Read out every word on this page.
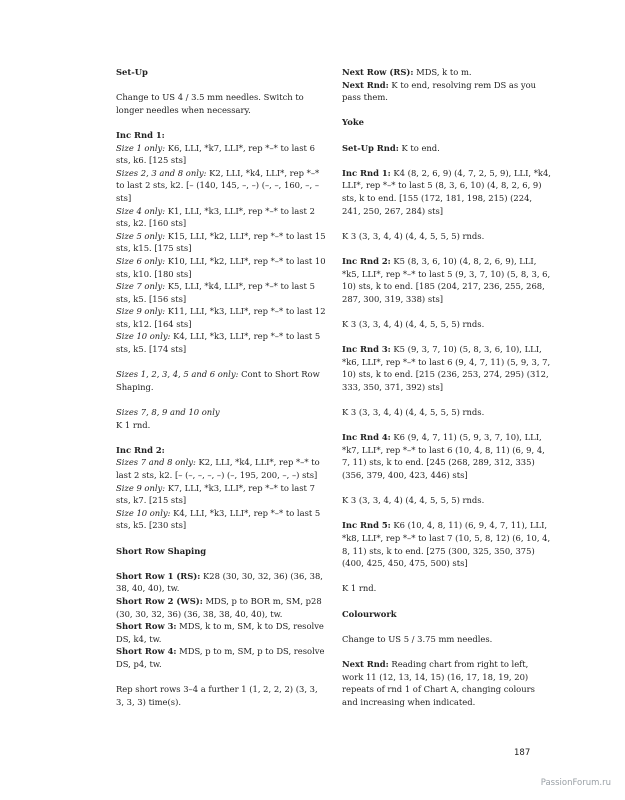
Set-Up

Change to US 4 / 3.5 mm needles. Switch to longer needles when necessary.

Inc Rnd 1:

Size 1 only: K6, LLI, *k7, LLI*, rep *–* to last 6 sts, k6. [125 sts]
Sizes 2, 3 and 8 only: K2, LLI, *k4, LLI*, rep *–* to last 2 sts, k2. [– (140, 145, –, –) (–, –, 160, –, – sts]
Size 4 only: K1, LLI, *k3, LLI*, rep *–* to last 2 sts, k2. [160 sts]
Size 5 only: K15, LLI, *k2, LLI*, rep *–* to last 15 sts, k15. [175 sts]
Size 6 only: K10, LLI, *k2, LLI*, rep *–* to last 10 sts, k10. [180 sts]
Size 7 only: K5, LLI, *k4, LLI*, rep *–* to last 5 sts, k5. [156 sts]
Size 9 only: K11, LLI, *k3, LLI*, rep *–* to last 12 sts, k12. [164 sts]
Size 10 only: K4, LLI, *k3, LLI*, rep *–* to last 5 sts, k5. [174 sts]

Sizes 1, 2, 3, 4, 5 and 6 only: Cont to Short Row Shaping.

Sizes 7, 8, 9 and 10 only

K 1 rnd.

Inc Rnd 2:

Sizes 7 and 8 only: K2, LLI, *k4, LLI*, rep *–* to last 2 sts, k2. [– (–, –, –, –) (–, 195, 200, –, –) sts]
Size 9 only: K7, LLI, *k3, LLI*, rep *–* to last 7 sts, k7. [215 sts]
Size 10 only: K4, LLI, *k3, LLI*, rep *–* to last 5 sts, k5. [230 sts]

Short Row Shaping

Short Row 1 (RS): K28 (30, 30, 32, 36) (36, 38, 38, 40, 40), tw.
Short Row 2 (WS): MDS, p to BOR m, SM, p28 (30, 30, 32, 36) (36, 38, 38, 40, 40), tw.
Short Row 3: MDS, k to m, SM, k to DS, resolve DS, k4, tw.
Short Row 4: MDS, p to m, SM, p to DS, resolve DS, p4, tw.

Rep short rows 3–4 a further 1 (1, 2, 2, 2) (3, 3, 3, 3, 3) time(s).

Next Row (RS): MDS, k to m.
Next Rnd: K to end, resolving rem DS as you pass them.

Yoke

Set-Up Rnd: K to end.

Inc Rnd 1: K4 (8, 2, 6, 9) (4, 7, 2, 5, 9), LLI, *k4, LLI*, rep *–* to last 5 (8, 3, 6, 10) (4, 8, 2, 6, 9) sts, k to end. [155 (172, 181, 198, 215) (224, 241, 250, 267, 284) sts]

K 3 (3, 3, 4, 4) (4, 4, 5, 5, 5) rnds.

Inc Rnd 2: K5 (8, 3, 6, 10) (4, 8, 2, 6, 9), LLI, *k5, LLI*, rep *–* to last 5 (9, 3, 7, 10) (5, 8, 3, 6, 10) sts, k to end. [185 (204, 217, 236, 255, 268, 287, 300, 319, 338) sts]

K 3 (3, 3, 4, 4) (4, 4, 5, 5, 5) rnds.

Inc Rnd 3: K5 (9, 3, 7, 10) (5, 8, 3, 6, 10), LLI, *k6, LLI*, rep *–* to last 6 (9, 4, 7, 11) (5, 9, 3, 7, 10) sts, k to end. [215 (236, 253, 274, 295) (312, 333, 350, 371, 392) sts]

K 3 (3, 3, 4, 4) (4, 4, 5, 5, 5) rnds.

Inc Rnd 4: K6 (9, 4, 7, 11) (5, 9, 3, 7, 10), LLI, *k7, LLI*, rep *–* to last 6 (10, 4, 8, 11) (6, 9, 4, 7, 11) sts, k to end. [245 (268, 289, 312, 335) (356, 379, 400, 423, 446) sts]

K 3 (3, 3, 4, 4) (4, 4, 5, 5, 5) rnds.

Inc Rnd 5: K6 (10, 4, 8, 11) (6, 9, 4, 7, 11), LLI, *k8, LLI*, rep *–* to last 7 (10, 5, 8, 12) (6, 10, 4, 8, 11) sts, k to end. [275 (300, 325, 350, 375) (400, 425, 450, 475, 500) sts]

K 1 rnd.

Colourwork

Change to US 5 / 3.75 mm needles.

Next Rnd: Reading chart from right to left, work 11 (12, 13, 14, 15) (16, 17, 18, 19, 20) repeats of rnd 1 of Chart A, changing colours and increasing when indicated.

187
PassionForum.ru
